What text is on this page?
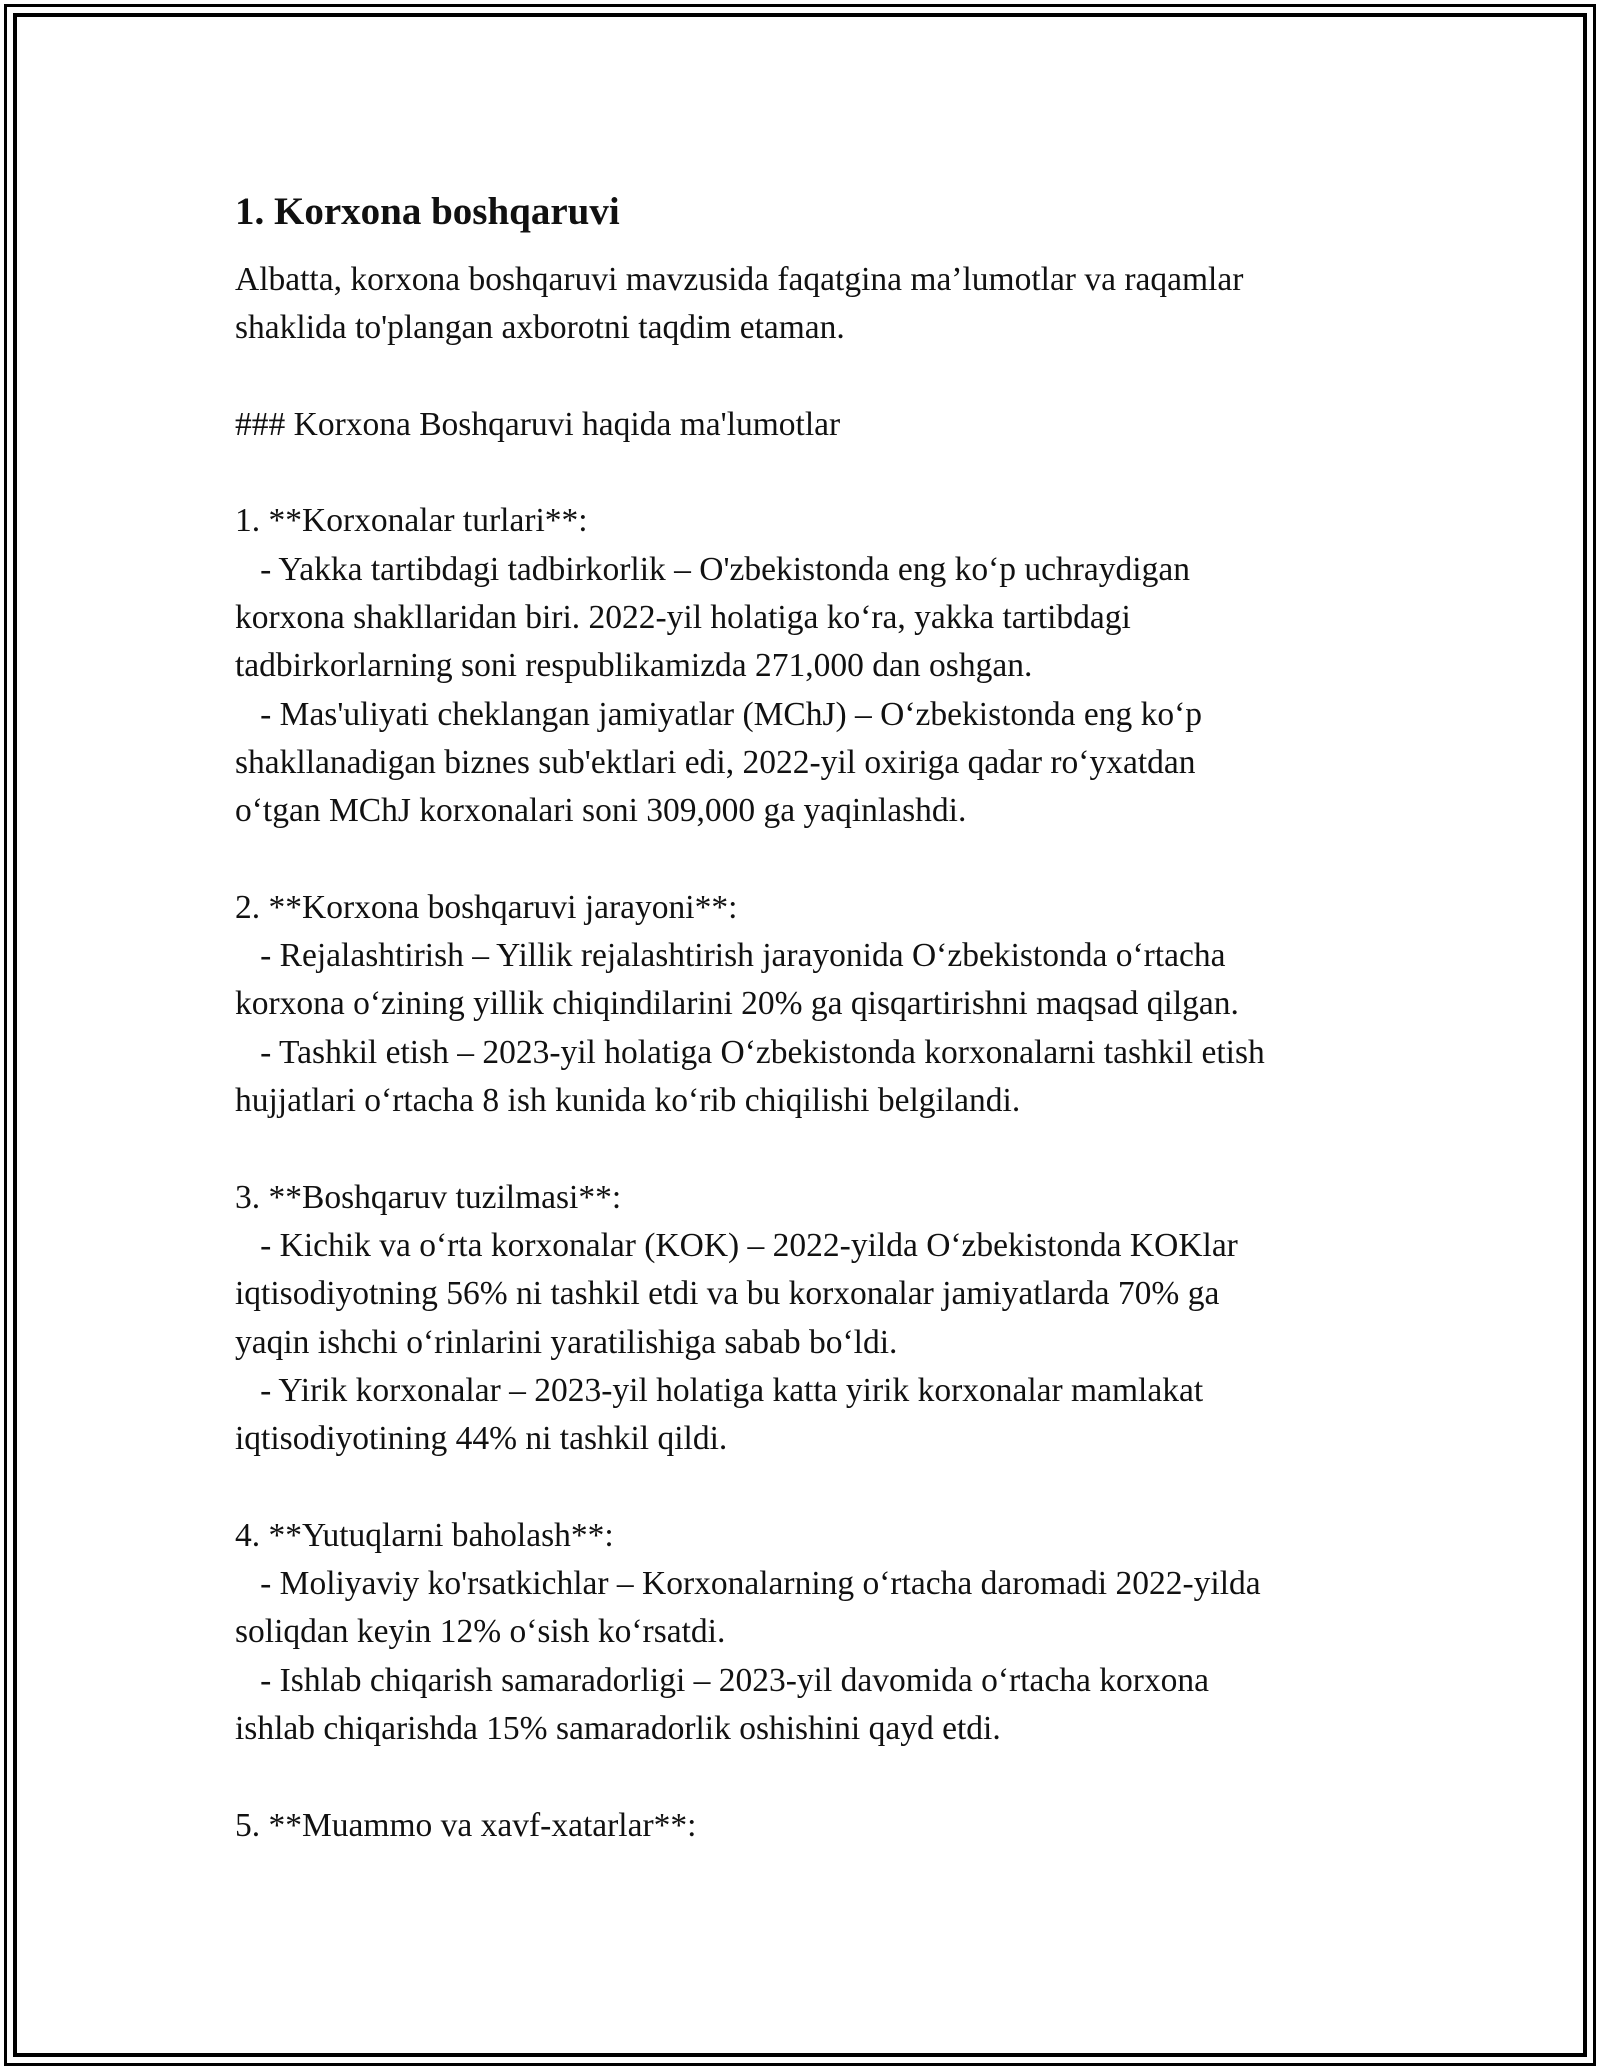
1. Korxona boshqaruvi
Albatta, korxona boshqaruvi mavzusida faqatgina ma’lumotlar va raqamlar
shaklida to'plangan axborotni taqdim etaman.
### Korxona Boshqaruvi haqida ma'lumotlar
1. **Korxonalar turlari**:
- Yakka tartibdagi tadbirkorlik – O'zbekistonda eng koʻp uchraydigan
korxona shakllaridan biri. 2022-yil holatiga koʻra, yakka tartibdagi
tadbirkorlarning soni respublikamizda 271,000 dan oshgan.
- Mas'uliyati cheklangan jamiyatlar (MChJ) – Oʻzbekistonda eng koʻp
shakllanadigan biznes sub'ektlari edi, 2022-yil oxiriga qadar roʻyxatdan
oʻtgan MChJ korxonalari soni 309,000 ga yaqinlashdi.
2. **Korxona boshqaruvi jarayoni**:
- Rejalashtirish – Yillik rejalashtirish jarayonida Oʻzbekistonda oʻrtacha
korxona oʻzining yillik chiqindilarini 20% ga qisqartirishni maqsad qilgan.
- Tashkil etish – 2023-yil holatiga Oʻzbekistonda korxonalarni tashkil etish
hujjatlari oʻrtacha 8 ish kunida koʻrib chiqilishi belgilandi.
3. **Boshqaruv tuzilmasi**:
- Kichik va oʻrta korxonalar (KOK) – 2022-yilda Oʻzbekistonda KOKlar
iqtisodiyotning 56% ni tashkil etdi va bu korxonalar jamiyatlarda 70% ga
yaqin ishchi oʻrinlarini yaratilishiga sabab boʻldi.
- Yirik korxonalar – 2023-yil holatiga katta yirik korxonalar mamlakat
iqtisodiyotining 44% ni tashkil qildi.
4. **Yutuqlarni baholash**:
- Moliyaviy ko'rsatkichlar – Korxonalarning oʻrtacha daromadi 2022-yilda
soliqdan keyin 12% oʻsish koʻrsatdi.
- Ishlab chiqarish samaradorligi – 2023-yil davomida oʻrtacha korxona
ishlab chiqarishda 15% samaradorlik oshishini qayd etdi.
5. **Muammo va xavf-xatarlar**:
